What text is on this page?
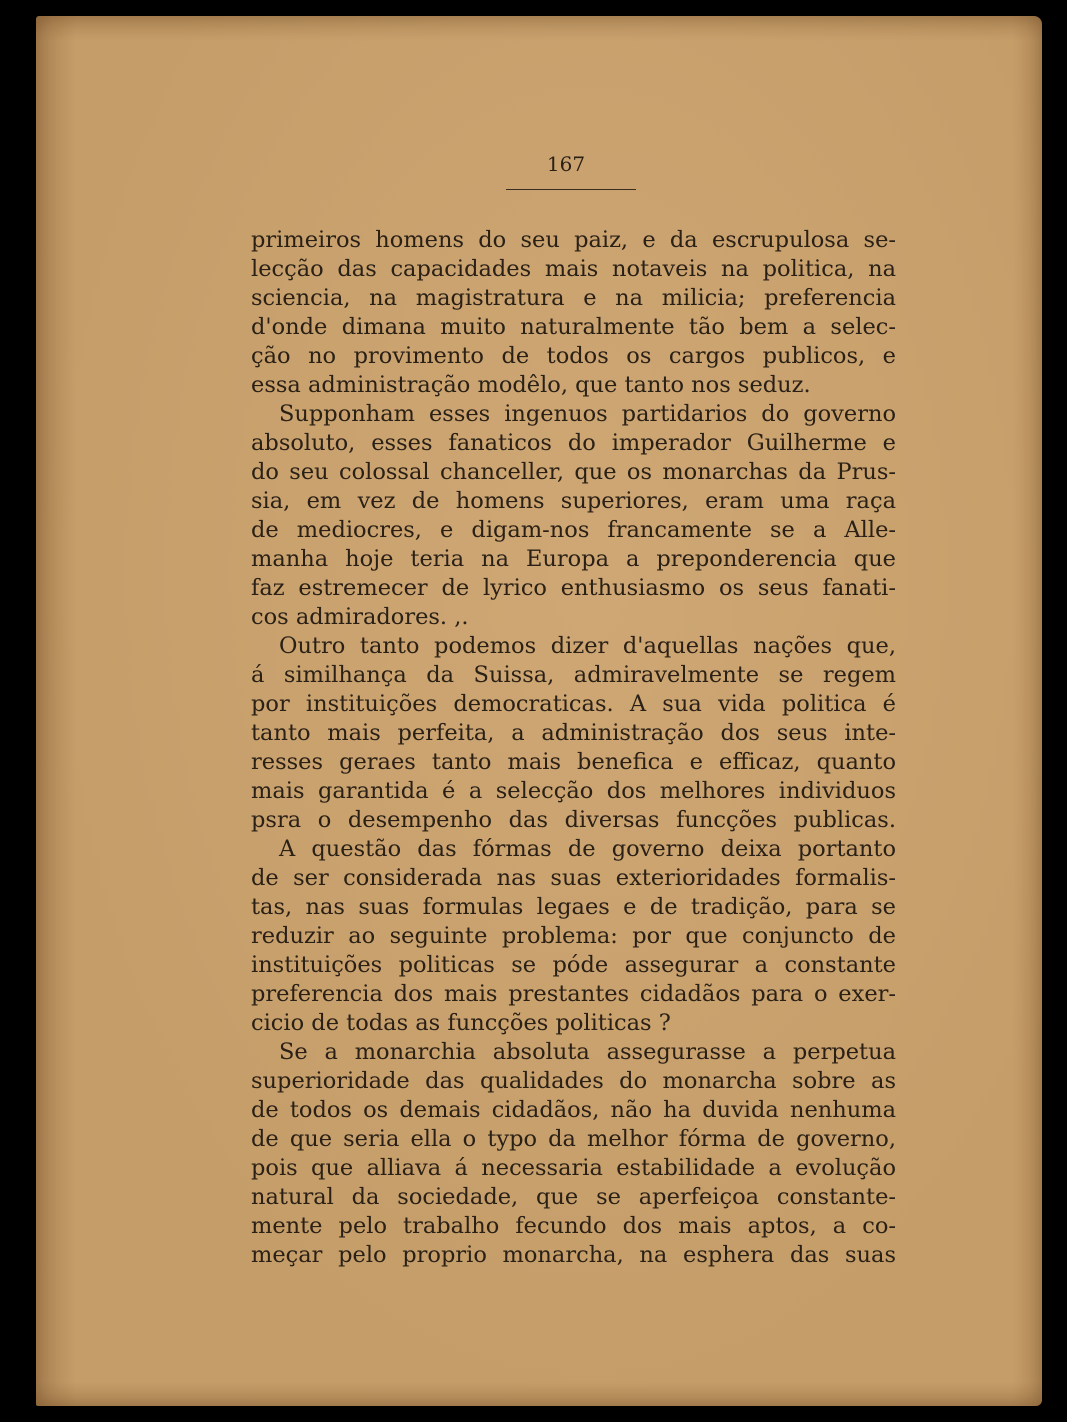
167
primeiros homens do seu paiz, e da escrupulosa se-
lecção das capacidades mais notaveis na politica, na
sciencia, na magistratura e na milicia; preferencia
d'onde dimana muito naturalmente tão bem a selec-
ção no provimento de todos os cargos publicos, e
essa administração modêlo, que tanto nos seduz.
Supponham esses ingenuos partidarios do governo
absoluto, esses fanaticos do imperador Guilherme e
do seu colossal chanceller, que os monarchas da Prus-
sia, em vez de homens superiores, eram uma raça
de mediocres, e digam-nos francamente se a Alle-
manha hoje teria na Europa a preponderencia que
faz estremecer de lyrico enthusiasmo os seus fanati-
cos admiradores. ,.
Outro tanto podemos dizer d'aquellas nações que,
á similhança da Suissa, admiravelmente se regem
por instituições democraticas. A sua vida politica é
tanto mais perfeita, a administração dos seus inte-
resses geraes tanto mais benefica e efficaz, quanto
mais garantida é a selecção dos melhores individuos
psra o desempenho das diversas funcções publicas.
A questão das fórmas de governo deixa portanto
de ser considerada nas suas exterioridades formalis-
tas, nas suas formulas legaes e de tradição, para se
reduzir ao seguinte problema: por que conjuncto de
instituições politicas se póde assegurar a constante
preferencia dos mais prestantes cidadãos para o exer-
cicio de todas as funcções politicas ?
Se a monarchia absoluta assegurasse a perpetua
superioridade das qualidades do monarcha sobre as
de todos os demais cidadãos, não ha duvida nenhuma
de que seria ella o typo da melhor fórma de governo,
pois que alliava á necessaria estabilidade a evolução
natural da sociedade, que se aperfeiçoa constante-
mente pelo trabalho fecundo dos mais aptos, a co-
meçar pelo proprio monarcha, na esphera das suas
